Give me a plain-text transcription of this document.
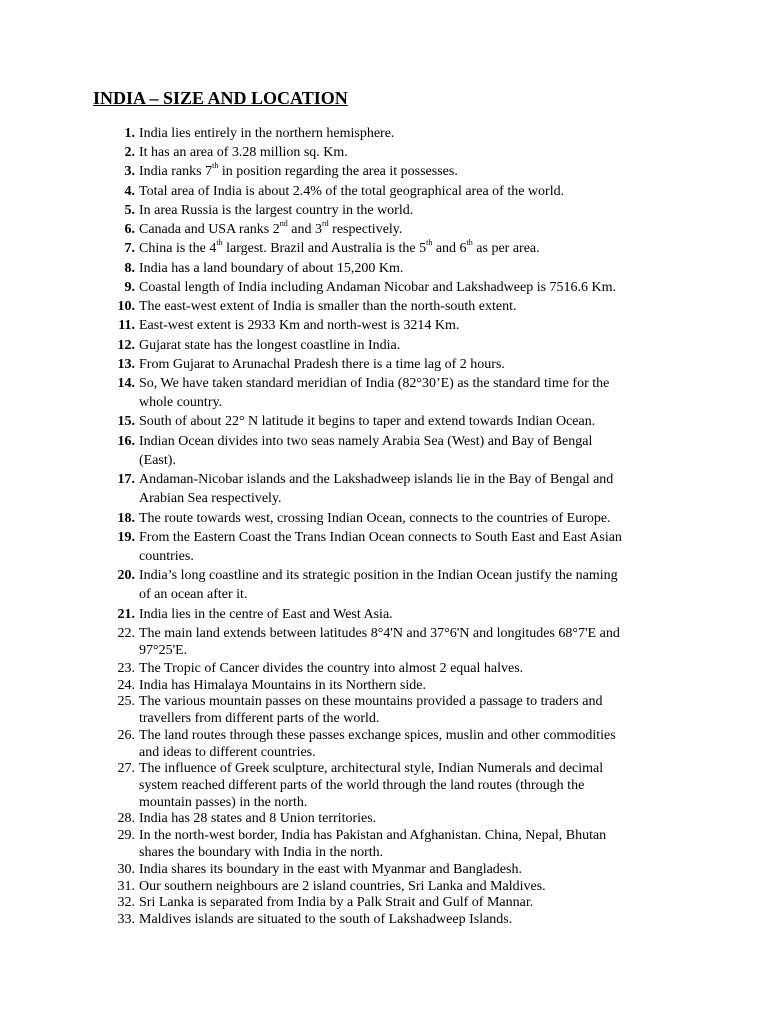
INDIA – SIZE AND LOCATION
1. India lies entirely in the northern hemisphere.
2. It has an area of 3.28 million sq. Km.
3. India ranks 7th in position regarding the area it possesses.
4. Total area of India is about 2.4% of the total geographical area of the world.
5. In area Russia is the largest country in the world.
6. Canada and USA ranks 2nd and 3rd respectively.
7. China is the 4th largest. Brazil and Australia is the 5th and 6th as per area.
8. India has a land boundary of about 15,200 Km.
9. Coastal length of India including Andaman Nicobar and Lakshadweep is 7516.6 Km.
10. The east-west extent of India is smaller than the north-south extent.
11. East-west extent is 2933 Km and north-west is 3214 Km.
12. Gujarat state has the longest coastline in India.
13. From Gujarat to Arunachal Pradesh there is a time lag of 2 hours.
14. So, We have taken standard meridian of India (82°30’E) as the standard time for the
whole country.
15. South of about 22° N latitude it begins to taper and extend towards Indian Ocean.
16. Indian Ocean divides into two seas namely Arabia Sea (West) and Bay of Bengal
(East).
17. Andaman-Nicobar islands and the Lakshadweep islands lie in the Bay of Bengal and
Arabian Sea respectively.
18. The route towards west, crossing Indian Ocean, connects to the countries of Europe.
19. From the Eastern Coast the Trans Indian Ocean connects to South East and East Asian
countries.
20. India’s long coastline and its strategic position in the Indian Ocean justify the naming
of an ocean after it.
21. India lies in the centre of East and West Asia.
22. The main land extends between latitudes 8°4'N and 37°6'N and longitudes 68°7'E and
97°25'E.
23. The Tropic of Cancer divides the country into almost 2 equal halves.
24. India has Himalaya Mountains in its Northern side.
25. The various mountain passes on these mountains provided a passage to traders and
travellers from different parts of the world.
26. The land routes through these passes exchange spices, muslin and other commodities
and ideas to different countries.
27. The influence of Greek sculpture, architectural style, Indian Numerals and decimal
system reached different parts of the world through the land routes (through the
mountain passes) in the north.
28. India has 28 states and 8 Union territories.
29. In the north-west border, India has Pakistan and Afghanistan. China, Nepal, Bhutan
shares the boundary with India in the north.
30. India shares its boundary in the east with Myanmar and Bangladesh.
31. Our southern neighbours are 2 island countries, Sri Lanka and Maldives.
32. Sri Lanka is separated from India by a Palk Strait and Gulf of Mannar.
33. Maldives islands are situated to the south of Lakshadweep Islands.
